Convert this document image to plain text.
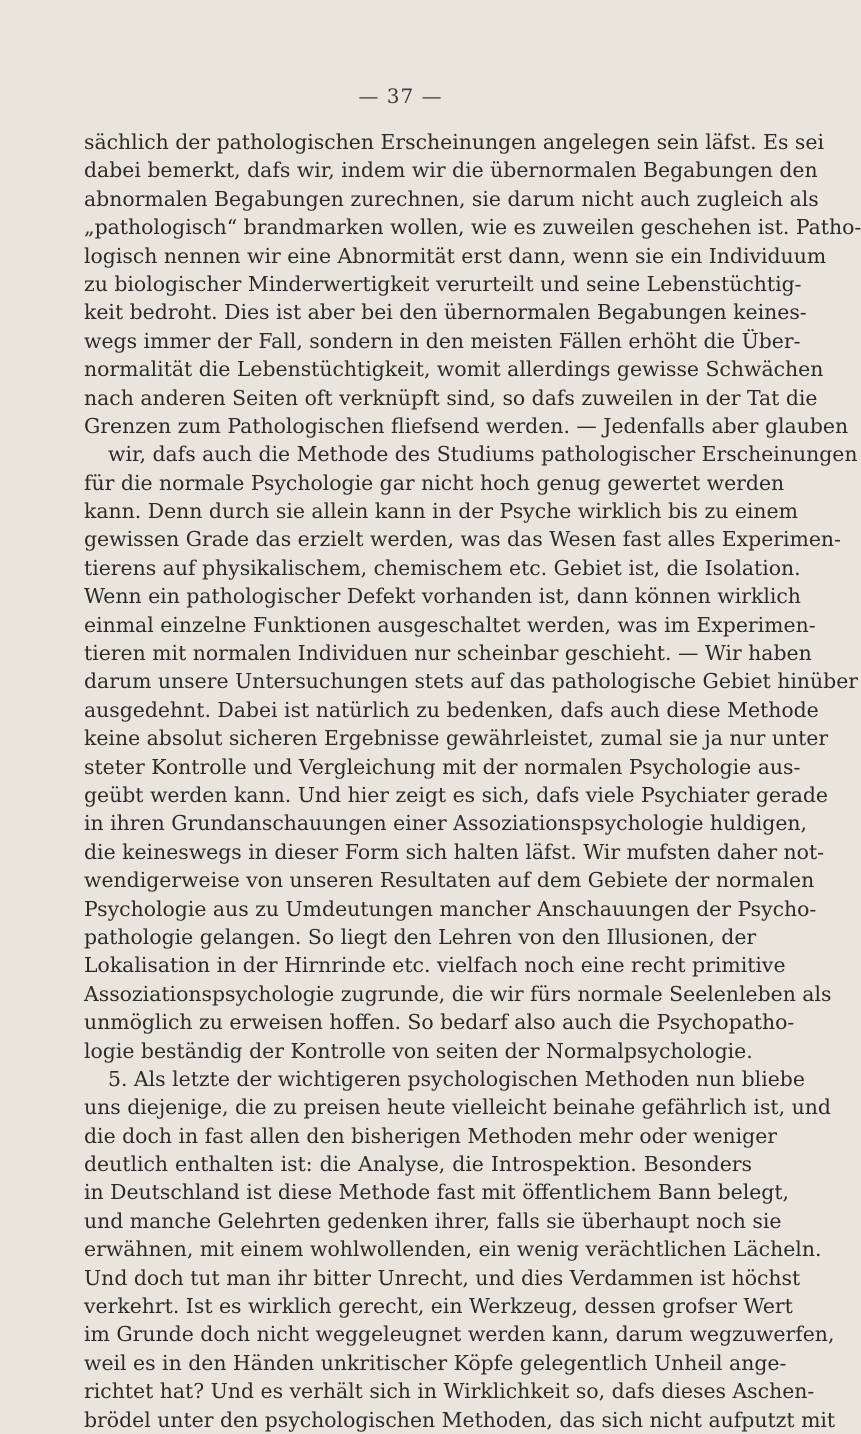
— 37 —
sächlich der pathologischen Erscheinungen angelegen sein läfst. Es sei
dabei bemerkt, dafs wir, indem wir die übernormalen Begabungen den
abnormalen Begabungen zurechnen, sie darum nicht auch zugleich als
„pathologisch“ brandmarken wollen, wie es zuweilen geschehen ist. Patho-
logisch nennen wir eine Abnormität erst dann, wenn sie ein Individuum
zu biologischer Minderwertigkeit verurteilt und seine Lebenstüchtig-
keit bedroht. Dies ist aber bei den übernormalen Begabungen keines-
wegs immer der Fall, sondern in den meisten Fällen erhöht die Über-
normalität die Lebenstüchtigkeit, womit allerdings gewisse Schwächen
nach anderen Seiten oft verknüpft sind, so dafs zuweilen in der Tat die
Grenzen zum Pathologischen fliefsend werden. — Jedenfalls aber glauben
wir, dafs auch die Methode des Studiums pathologischer Erscheinungen
für die normale Psychologie gar nicht hoch genug gewertet werden
kann. Denn durch sie allein kann in der Psyche wirklich bis zu einem
gewissen Grade das erzielt werden, was das Wesen fast alles Experimen-
tierens auf physikalischem, chemischem etc. Gebiet ist, die Isolation.
Wenn ein pathologischer Defekt vorhanden ist, dann können wirklich
einmal einzelne Funktionen ausgeschaltet werden, was im Experimen-
tieren mit normalen Individuen nur scheinbar geschieht. — Wir haben
darum unsere Untersuchungen stets auf das pathologische Gebiet hinüber
ausgedehnt. Dabei ist natürlich zu bedenken, dafs auch diese Methode
keine absolut sicheren Ergebnisse gewährleistet, zumal sie ja nur unter
steter Kontrolle und Vergleichung mit der normalen Psychologie aus-
geübt werden kann. Und hier zeigt es sich, dafs viele Psychiater gerade
in ihren Grundanschauungen einer Assoziationspsychologie huldigen,
die keineswegs in dieser Form sich halten läfst. Wir mufsten daher not-
wendigerweise von unseren Resultaten auf dem Gebiete der normalen
Psychologie aus zu Umdeutungen mancher Anschauungen der Psycho-
pathologie gelangen. So liegt den Lehren von den Illusionen, der
Lokalisation in der Hirnrinde etc. vielfach noch eine recht primitive
Assoziationspsychologie zugrunde, die wir fürs normale Seelenleben als
unmöglich zu erweisen hoffen. So bedarf also auch die Psychopatho-
logie beständig der Kontrolle von seiten der Normalpsychologie.
5. Als letzte der wichtigeren psychologischen Methoden nun bliebe
uns diejenige, die zu preisen heute vielleicht beinahe gefährlich ist, und
die doch in fast allen den bisherigen Methoden mehr oder weniger
deutlich enthalten ist: die Analyse, die Introspektion. Besonders
in Deutschland ist diese Methode fast mit öffentlichem Bann belegt,
und manche Gelehrten gedenken ihrer, falls sie überhaupt noch sie
erwähnen, mit einem wohlwollenden, ein wenig verächtlichen Lächeln.
Und doch tut man ihr bitter Unrecht, und dies Verdammen ist höchst
verkehrt. Ist es wirklich gerecht, ein Werkzeug, dessen grofser Wert
im Grunde doch nicht weggeleugnet werden kann, darum wegzuwerfen,
weil es in den Händen unkritischer Köpfe gelegentlich Unheil ange-
richtet hat? Und es verhält sich in Wirklichkeit so, dafs dieses Aschen-
brödel unter den psychologischen Methoden, das sich nicht aufputzt mit
